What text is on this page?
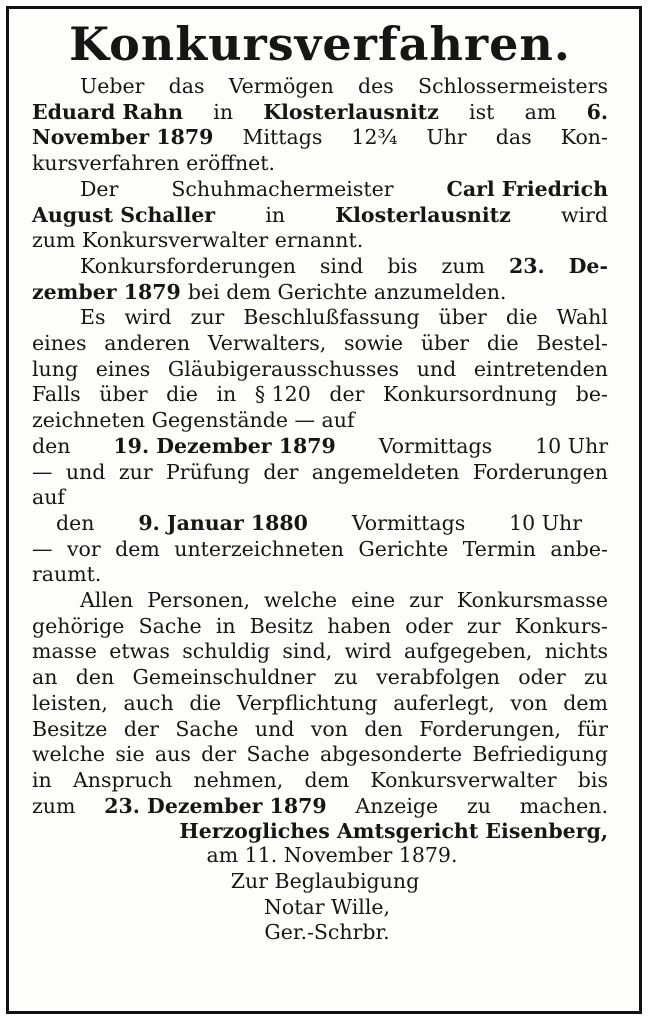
Konkursverfahren.
Ueber das Vermögen des Schlossermeisters
Eduard Rahn in Klosterlausnitz ist am 6.
November 1879 Mittags 12¾ Uhr das Kon-
kursverfahren eröffnet.
Der	Schuhmachermeister	Carl Friedrich
August Schaller in Klosterlausnitz wird
zum Konkursverwalter ernannt.
Konkursforderungen sind bis zum 23. De-
zember 1879 bei dem Gerichte anzumelden.
Es wird zur Beschlußfassung über die Wahl
eines anderen Verwalters, sowie über die Bestel-
lung eines Gläubigerausschusses und eintretenden
Falls über die in § 120 der Konkursordnung be-
zeichneten Gegenstände — auf
den 19. Dezember 1879 Vormittags 10 Uhr
— und zur Prüfung der angemeldeten Forderungen
auf
den 9. Januar 1880 Vormittags 10 Uhr
— vor dem unterzeichneten Gerichte Termin anbe-
raumt.
Allen Personen, welche eine zur Konkursmasse
gehörige Sache in Besitz haben oder zur Konkurs-
masse etwas schuldig sind, wird aufgegeben, nichts
an den Gemeinschuldner zu verabfolgen oder zu
leisten, auch die Verpflichtung auferlegt, von dem
Besitze der Sache und von den Forderungen, für
welche sie aus der Sache abgesonderte Befriedigung
in Anspruch nehmen, dem Konkursverwalter bis
zum 23. Dezember 1879 Anzeige zu machen.
Herzogliches Amtsgericht Eisenberg,
am 11. November 1879.
Zur Beglaubigung
Notar Wille,
Ger.-Schrbr.
